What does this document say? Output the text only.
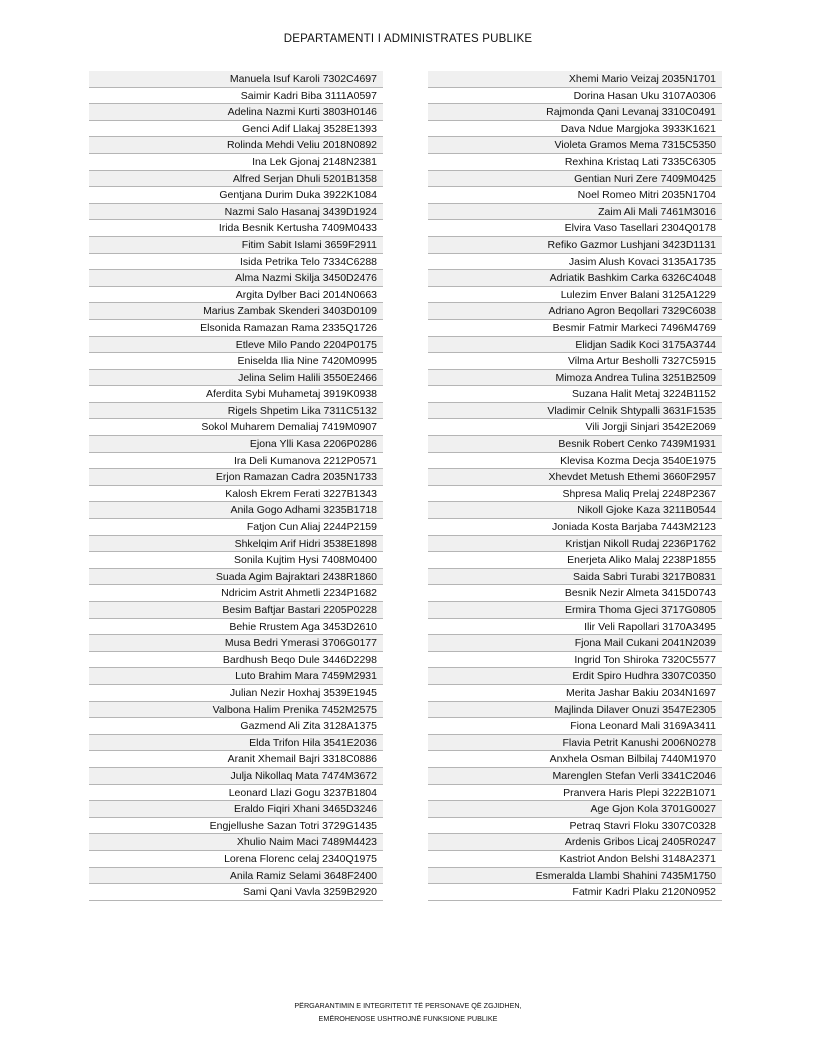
DEPARTAMENTI I ADMINISTRATES PUBLIKE
Manuela Isuf Karoli 7302C4697
Saimir Kadri Biba 3111A0597
Adelina Nazmi Kurti 3803H0146
Genci Adif Llakaj 3528E1393
Rolinda Mehdi Veliu 2018N0892
Ina Lek Gjonaj 2148N2381
Alfred Serjan Dhuli 5201B1358
Gentjana Durim Duka 3922K1084
Nazmi Salo Hasanaj 3439D1924
Irida Besnik Kertusha 7409M0433
Fitim Sabit Islami 3659F2911
Isida Petrika Telo 7334C6288
Alma Nazmi Skilja 3450D2476
Argita Dylber Baci 2014N0663
Marius Zambak Skenderi 3403D0109
Elsonida Ramazan Rama 2335Q1726
Etleve Milo Pando 2204P0175
Eniselda Ilia Nine 7420M0995
Jelina Selim Halili 3550E2466
Aferdita Sybi Muhametaj 3919K0938
Rigels Shpetim Lika 7311C5132
Sokol Muharem Demaliaj 7419M0907
Ejona Ylli Kasa 2206P0286
Ira Deli Kumanova 2212P0571
Erjon Ramazan Cadra 2035N1733
Kalosh Ekrem Ferati 3227B1343
Anila Gogo Adhami 3235B1718
Fatjon Cun Aliaj 2244P2159
Shkelqim Arif Hidri 3538E1898
Sonila Kujtim Hysi 7408M0400
Suada Agim Bajraktari 2438R1860
Ndricim Astrit Ahmetli 2234P1682
Besim Baftjar Bastari 2205P0228
Behie Rrustem Aga 3453D2610
Musa Bedri Ymerasi 3706G0177
Bardhush Beqo Dule 3446D2298
Luto Brahim Mara 7459M2931
Julian Nezir Hoxhaj 3539E1945
Valbona Halim Prenika 7452M2575
Gazmend Ali Zita 3128A1375
Elda Trifon Hila 3541E2036
Aranit Xhemail Bajri 3318C0886
Julja Nikollaq Mata 7474M3672
Leonard Llazi Gogu 3237B1804
Eraldo Fiqiri Xhani 3465D3246
Engjellushe Sazan Totri 3729G1435
Xhulio Naim Maci 7489M4423
Lorena Florenc celaj 2340Q1975
Anila Ramiz Selami 3648F2400
Sami Qani Vavla 3259B2920
Xhemi Mario Veizaj 2035N1701
Dorina Hasan Uku 3107A0306
Rajmonda Qani Levanaj 3310C0491
Dava Ndue Margjoka 3933K1621
Violeta Gramos Mema 7315C5350
Rexhina Kristaq Lati 7335C6305
Gentian Nuri Zere 7409M0425
Noel Romeo Mitri 2035N1704
Zaim Ali Mali 7461M3016
Elvira Vaso Tasellari 2304Q0178
Refiko Gazmor Lushjani 3423D1131
Jasim Alush Kovaci 3135A1735
Adriatik Bashkim Carka 6326C4048
Lulezim Enver Balani 3125A1229
Adriano Agron Beqollari 7329C6038
Besmir Fatmir Markeci 7496M4769
Elidjan Sadik Koci 3175A3744
Vilma Artur Besholli 7327C5915
Mimoza Andrea Tulina 3251B2509
Suzana Halit Metaj 3224B1152
Vladimir Celnik Shtypalli 3631F1535
Vili Jorgji Sinjari 3542E2069
Besnik Robert Cenko 7439M1931
Klevisa Kozma Decja 3540E1975
Xhevdet Metush Ethemi 3660F2957
Shpresa Maliq Prelaj 2248P2367
Nikoll Gjoke Kaza 3211B0544
Joniada Kosta Barjaba 7443M2123
Kristjan Nikoll Rudaj 2236P1762
Enerjeta Aliko Malaj 2238P1855
Saida Sabri Turabi 3217B0831
Besnik Nezir Almeta 3415D0743
Ermira Thoma Gjeci 3717G0805
Ilir Veli Rapollari 3170A3495
Fjona Mail Cukani 2041N2039
Ingrid Ton Shiroka 7320C5577
Erdit Spiro Hudhra 3307C0350
Merita Jashar Bakiu 2034N1697
Majlinda Dilaver Onuzi 3547E2305
Fiona Leonard Mali 3169A3411
Flavia Petrit Kanushi 2006N0278
Anxhela Osman Bilbilaj 7440M1970
Marenglen Stefan Verli 3341C2046
Pranvera Haris Plepi 3222B1071
Age Gjon Kola 3701G0027
Petraq Stavri Floku 3307C0328
Ardenis Gribos Licaj 2405R0247
Kastriot Andon Belshi 3148A2371
Esmeralda Llambi Shahini 7435M1750
Fatmir Kadri Plaku 2120N0952
PËRGARANTIMIN E INTEGRITETIT TË PERSONAVE QË ZGJIDHEN,
EMËROHENOSE USHTROJNË FUNKSIONE PUBLIKE
